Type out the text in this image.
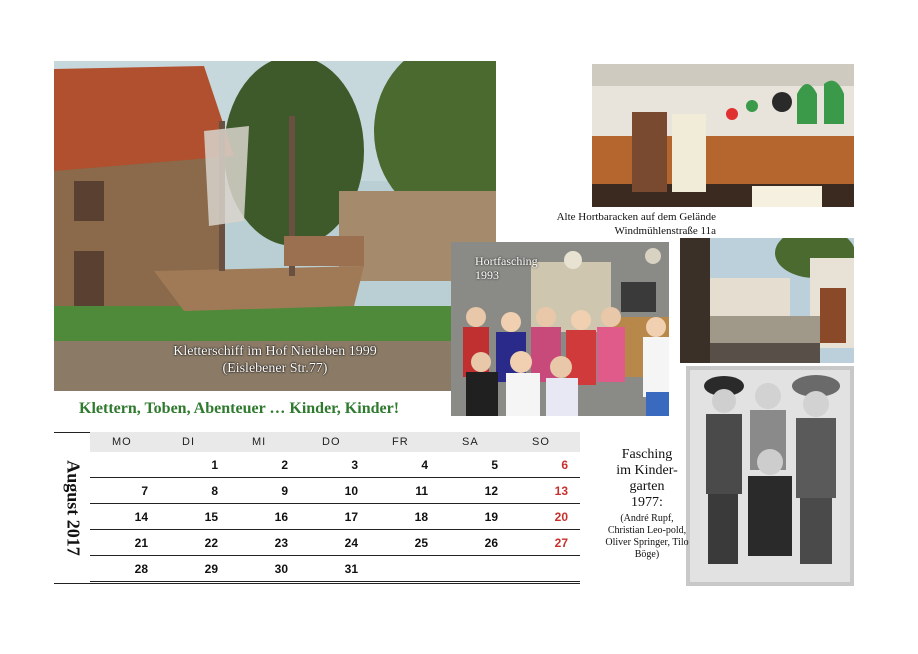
Kletterschiff im Hof Nietleben 1999
(Eislebener Str.77)
Klettern, Toben, Abenteuer … Kinder, Kinder!
Alte Hortbaracken auf dem Gelände
Windmühlenstraße 11a
Hortfasching
1993
Fasching
im Kinder-
garten
1977:
(André Rupf, Christian Leo-pold, Oliver Springer, Tilo Böge)
August 2017
MO	DI	MI	DO	FR	SA	SO
	1	2	3	4	5	6
7	8	9	10	11	12	13
14	15	16	17	18	19	20
21	22	23	24	25	26	27
28	29	30	31			
